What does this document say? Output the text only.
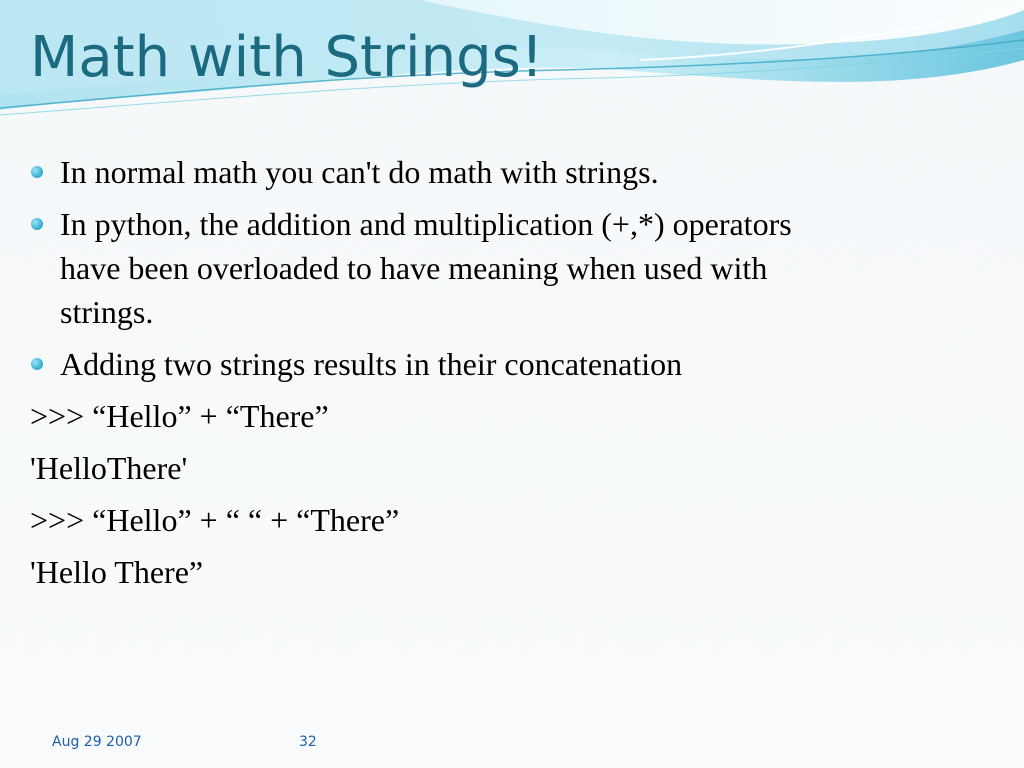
Math with Strings!
In normal math you can't do math with strings.
In python, the addition and multiplication (+,*) operators have been overloaded to have meaning when used with strings.
Adding two strings results in their concatenation
>>> “Hello” + “There”
'HelloThere'
>>> “Hello” + “ “ + “There”
'Hello There”
Aug 29 2007	32
